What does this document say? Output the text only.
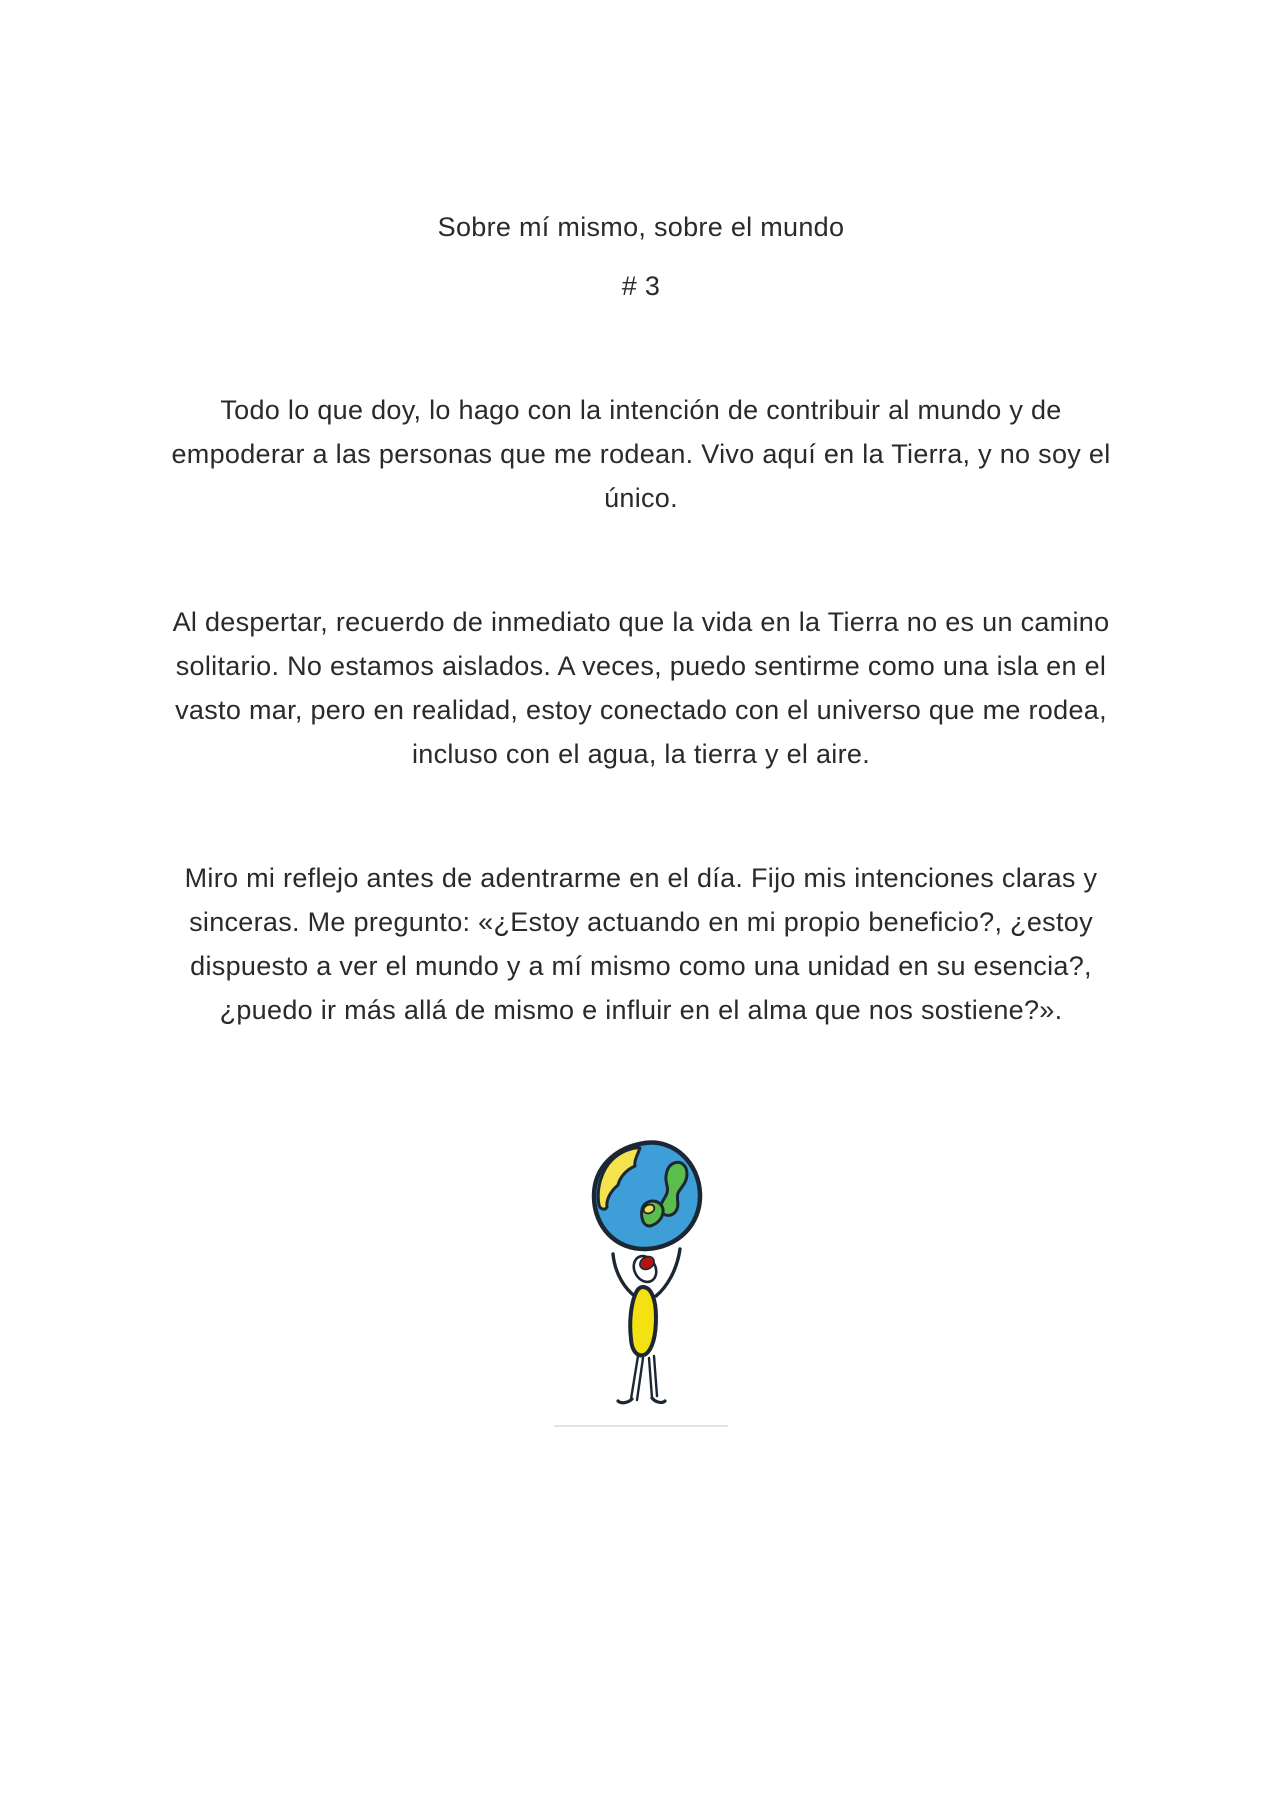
Sobre mí mismo, sobre el mundo
# 3
Todo lo que doy, lo hago con la intención de contribuir al mundo y de
empoderar a las personas que me rodean. Vivo aquí en la Tierra, y no soy el
único.
Al despertar, recuerdo de inmediato que la vida en la Tierra no es un camino
solitario. No estamos aislados. A veces, puedo sentirme como una isla en el
vasto mar, pero en realidad, estoy conectado con el universo que me rodea,
incluso con el agua, la tierra y el aire.
Miro mi reflejo antes de adentrarme en el día. Fijo mis intenciones claras y
sinceras. Me pregunto: «¿Estoy actuando en mi propio beneficio?, ¿estoy
dispuesto a ver el mundo y a mí mismo como una unidad en su esencia?,
¿puedo ir más allá de mismo e influir en el alma que nos sostiene?».
